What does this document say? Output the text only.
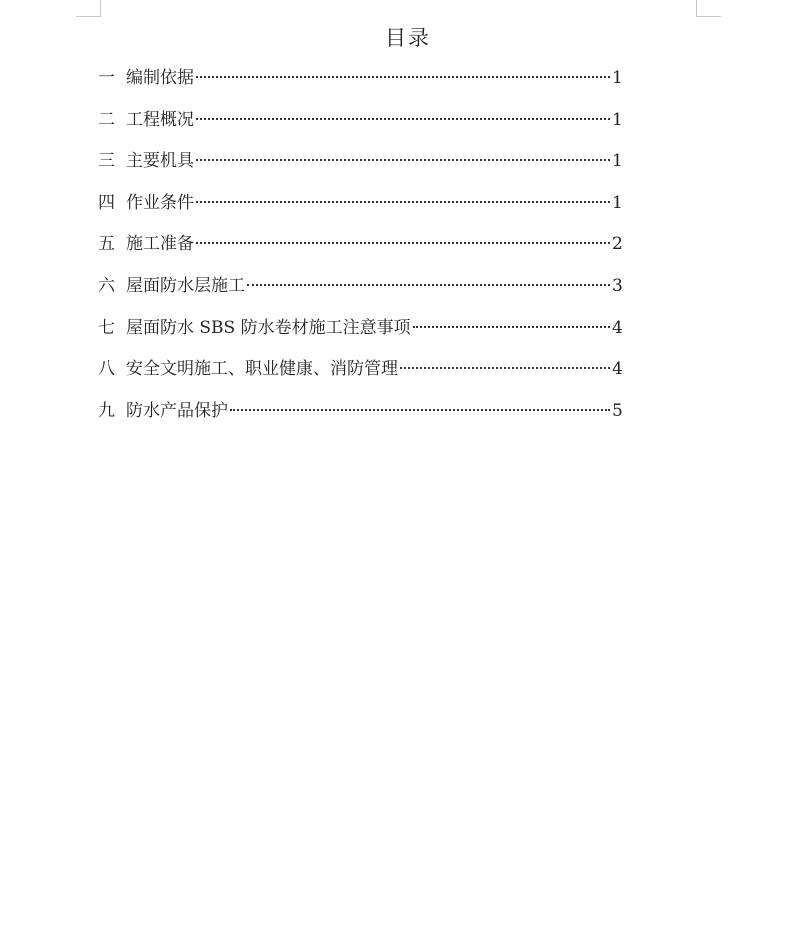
目录
一 编制依据	1
二 工程概况	1
三 主要机具	1
四 作业条件	1
五 施工准备	2
六 屋面防水层施工	3
七 屋面防水 SBS 防水卷材施工注意事项	4
八 安全文明施工、职业健康、消防管理	4
九 防水产品保护	5
